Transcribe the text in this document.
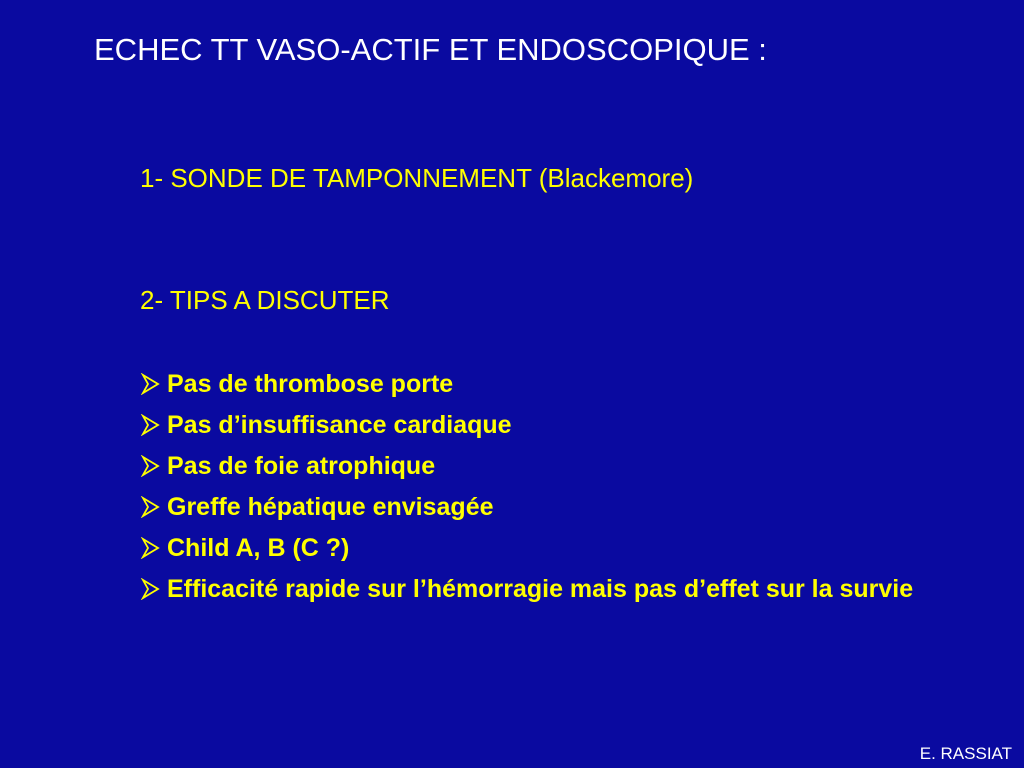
ECHEC TT VASO-ACTIF ET ENDOSCOPIQUE :
1- SONDE DE TAMPONNEMENT (Blackemore)
2- TIPS A DISCUTER
Pas de thrombose porte
Pas d’insuffisance cardiaque
Pas de foie atrophique
Greffe hépatique envisagée
Child A, B (C ?)
Efficacité rapide sur l’hémorragie mais pas d’effet sur la survie
E. RASSIAT
